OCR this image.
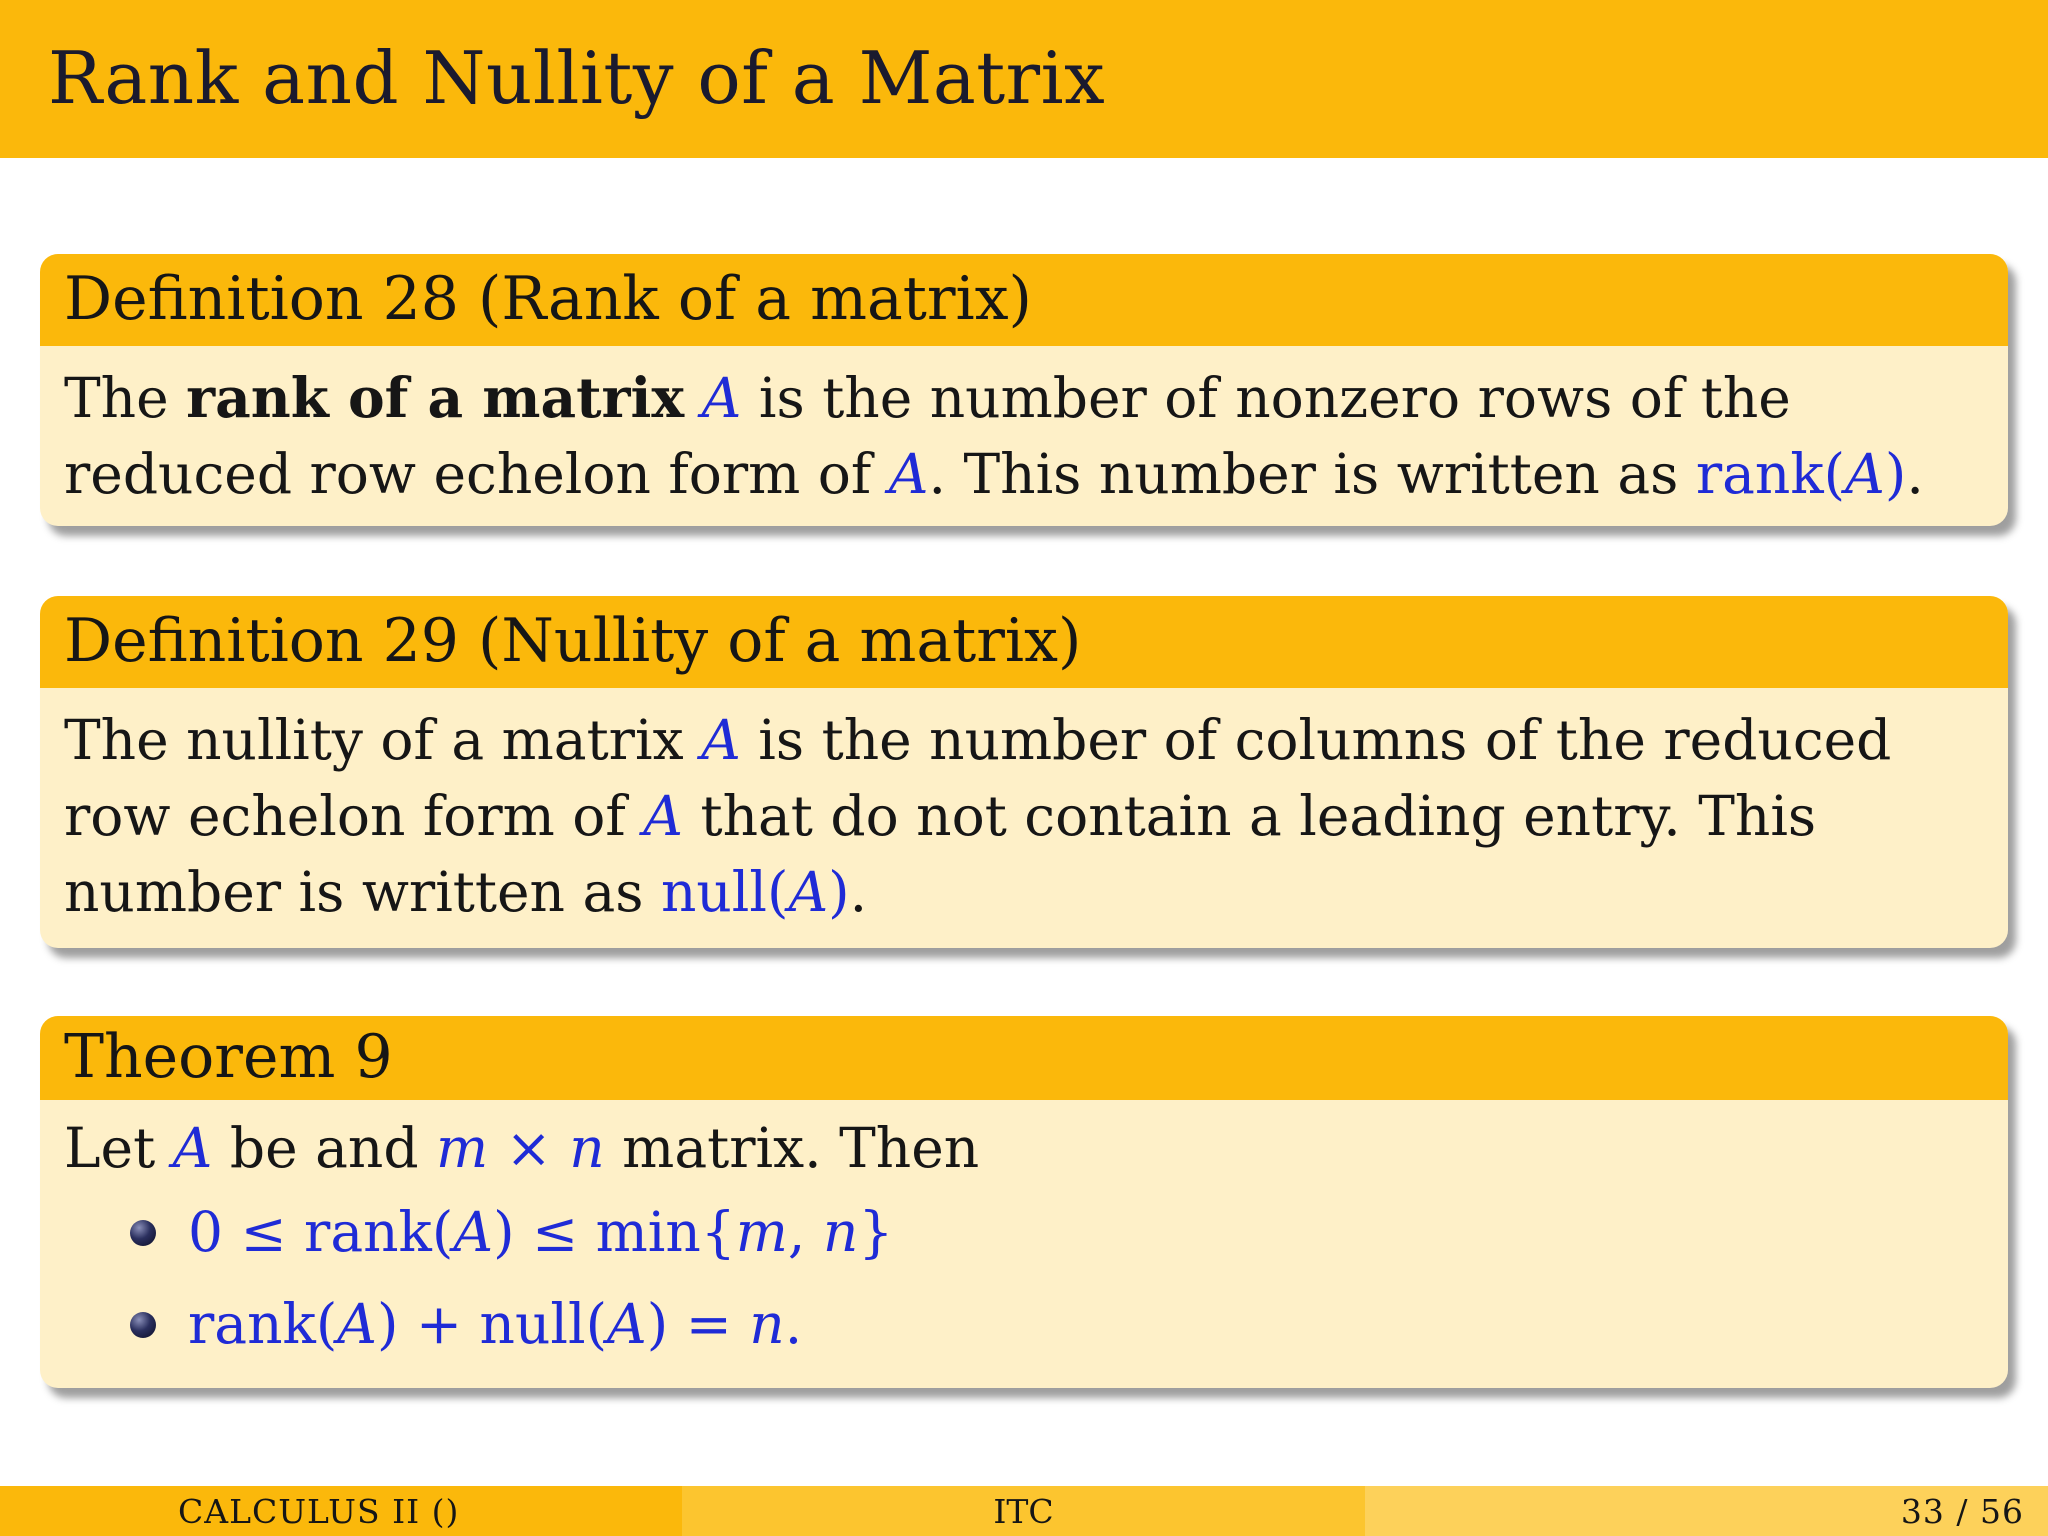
Rank and Nullity of a Matrix
Definition 28 (Rank of a matrix)
The rank of a matrix A is the number of nonzero rows of the reduced row echelon form of A. This number is written as rank(A).
Definition 29 (Nullity of a matrix)
The nullity of a matrix A is the number of columns of the reduced row echelon form of A that do not contain a leading entry. This number is written as null(A).
Theorem 9
Let A be and m × n matrix. Then
0 ≤ rank(A) ≤ min{m, n}
rank(A) + null(A) = n.
CALCULUS II ()	ITC	33 / 56
